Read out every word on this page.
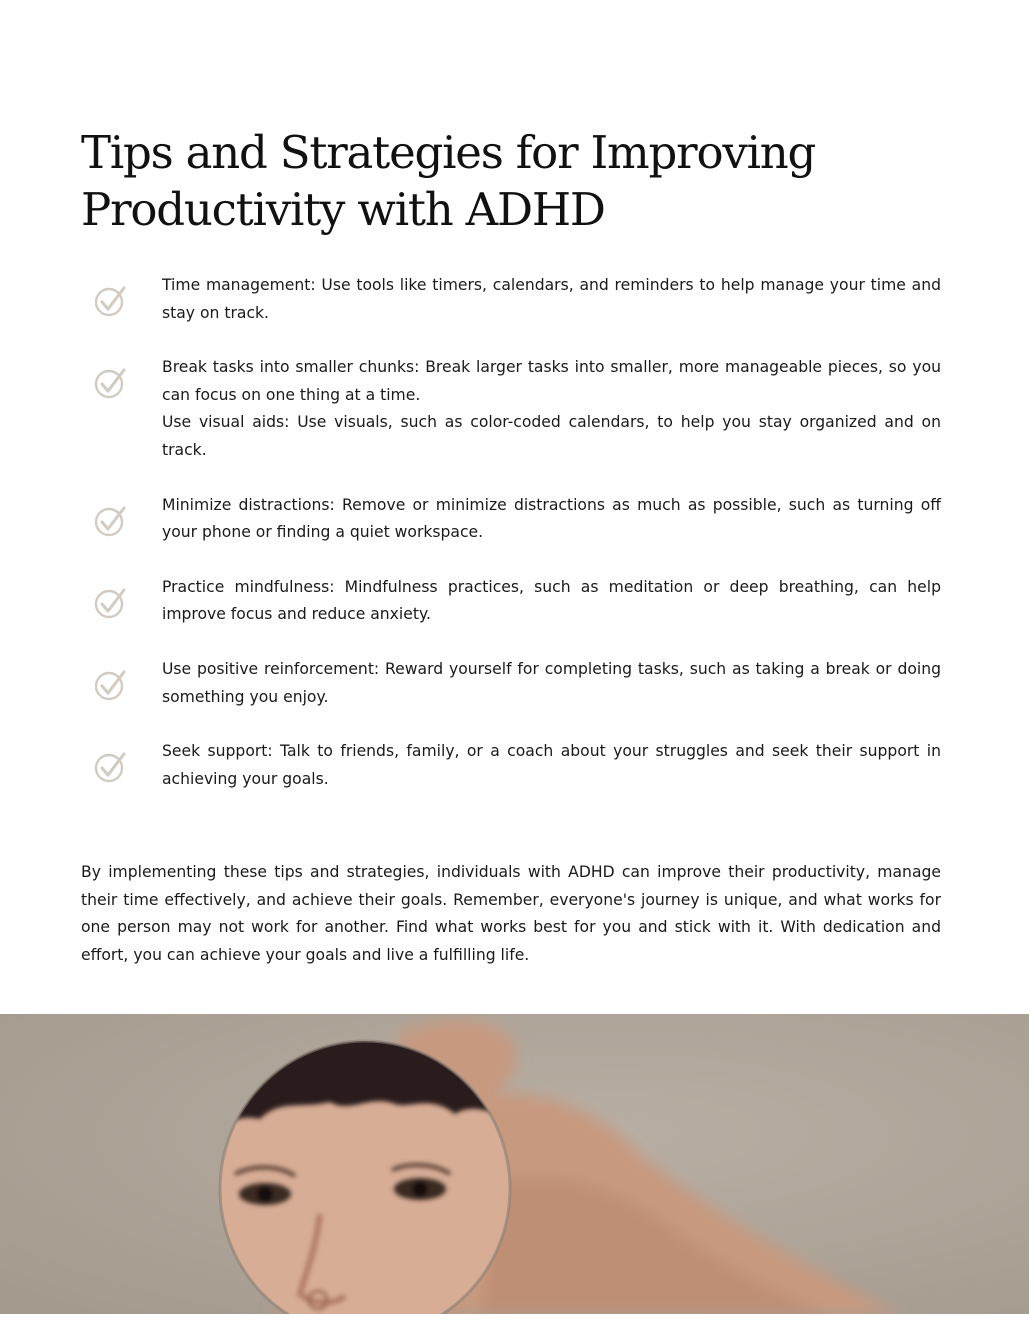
Tips and Strategies for Improving Productivity with ADHD

Time management: Use tools like timers, calendars, and reminders to help manage your time and stay on track.

Break tasks into smaller chunks: Break larger tasks into smaller, more manageable pieces, so you can focus on one thing at a time.

Use visual aids: Use visuals, such as color-coded calendars, to help you stay organized and on track.

Minimize distractions: Remove or minimize distractions as much as possible, such as turning off your phone or finding a quiet workspace.

Practice mindfulness: Mindfulness practices, such as meditation or deep breathing, can help improve focus and reduce anxiety.

Use positive reinforcement: Reward yourself for completing tasks, such as taking a break or doing something you enjoy.

Seek support: Talk to friends, family, or a coach about your struggles and seek their support in achieving your goals.

By implementing these tips and strategies, individuals with ADHD can improve their productivity, manage their time effectively, and achieve their goals. Remember, everyone's journey is unique, and what works for one person may not work for another. Find what works best for you and stick with it. With dedication and effort, you can achieve your goals and live a fulfilling life.
